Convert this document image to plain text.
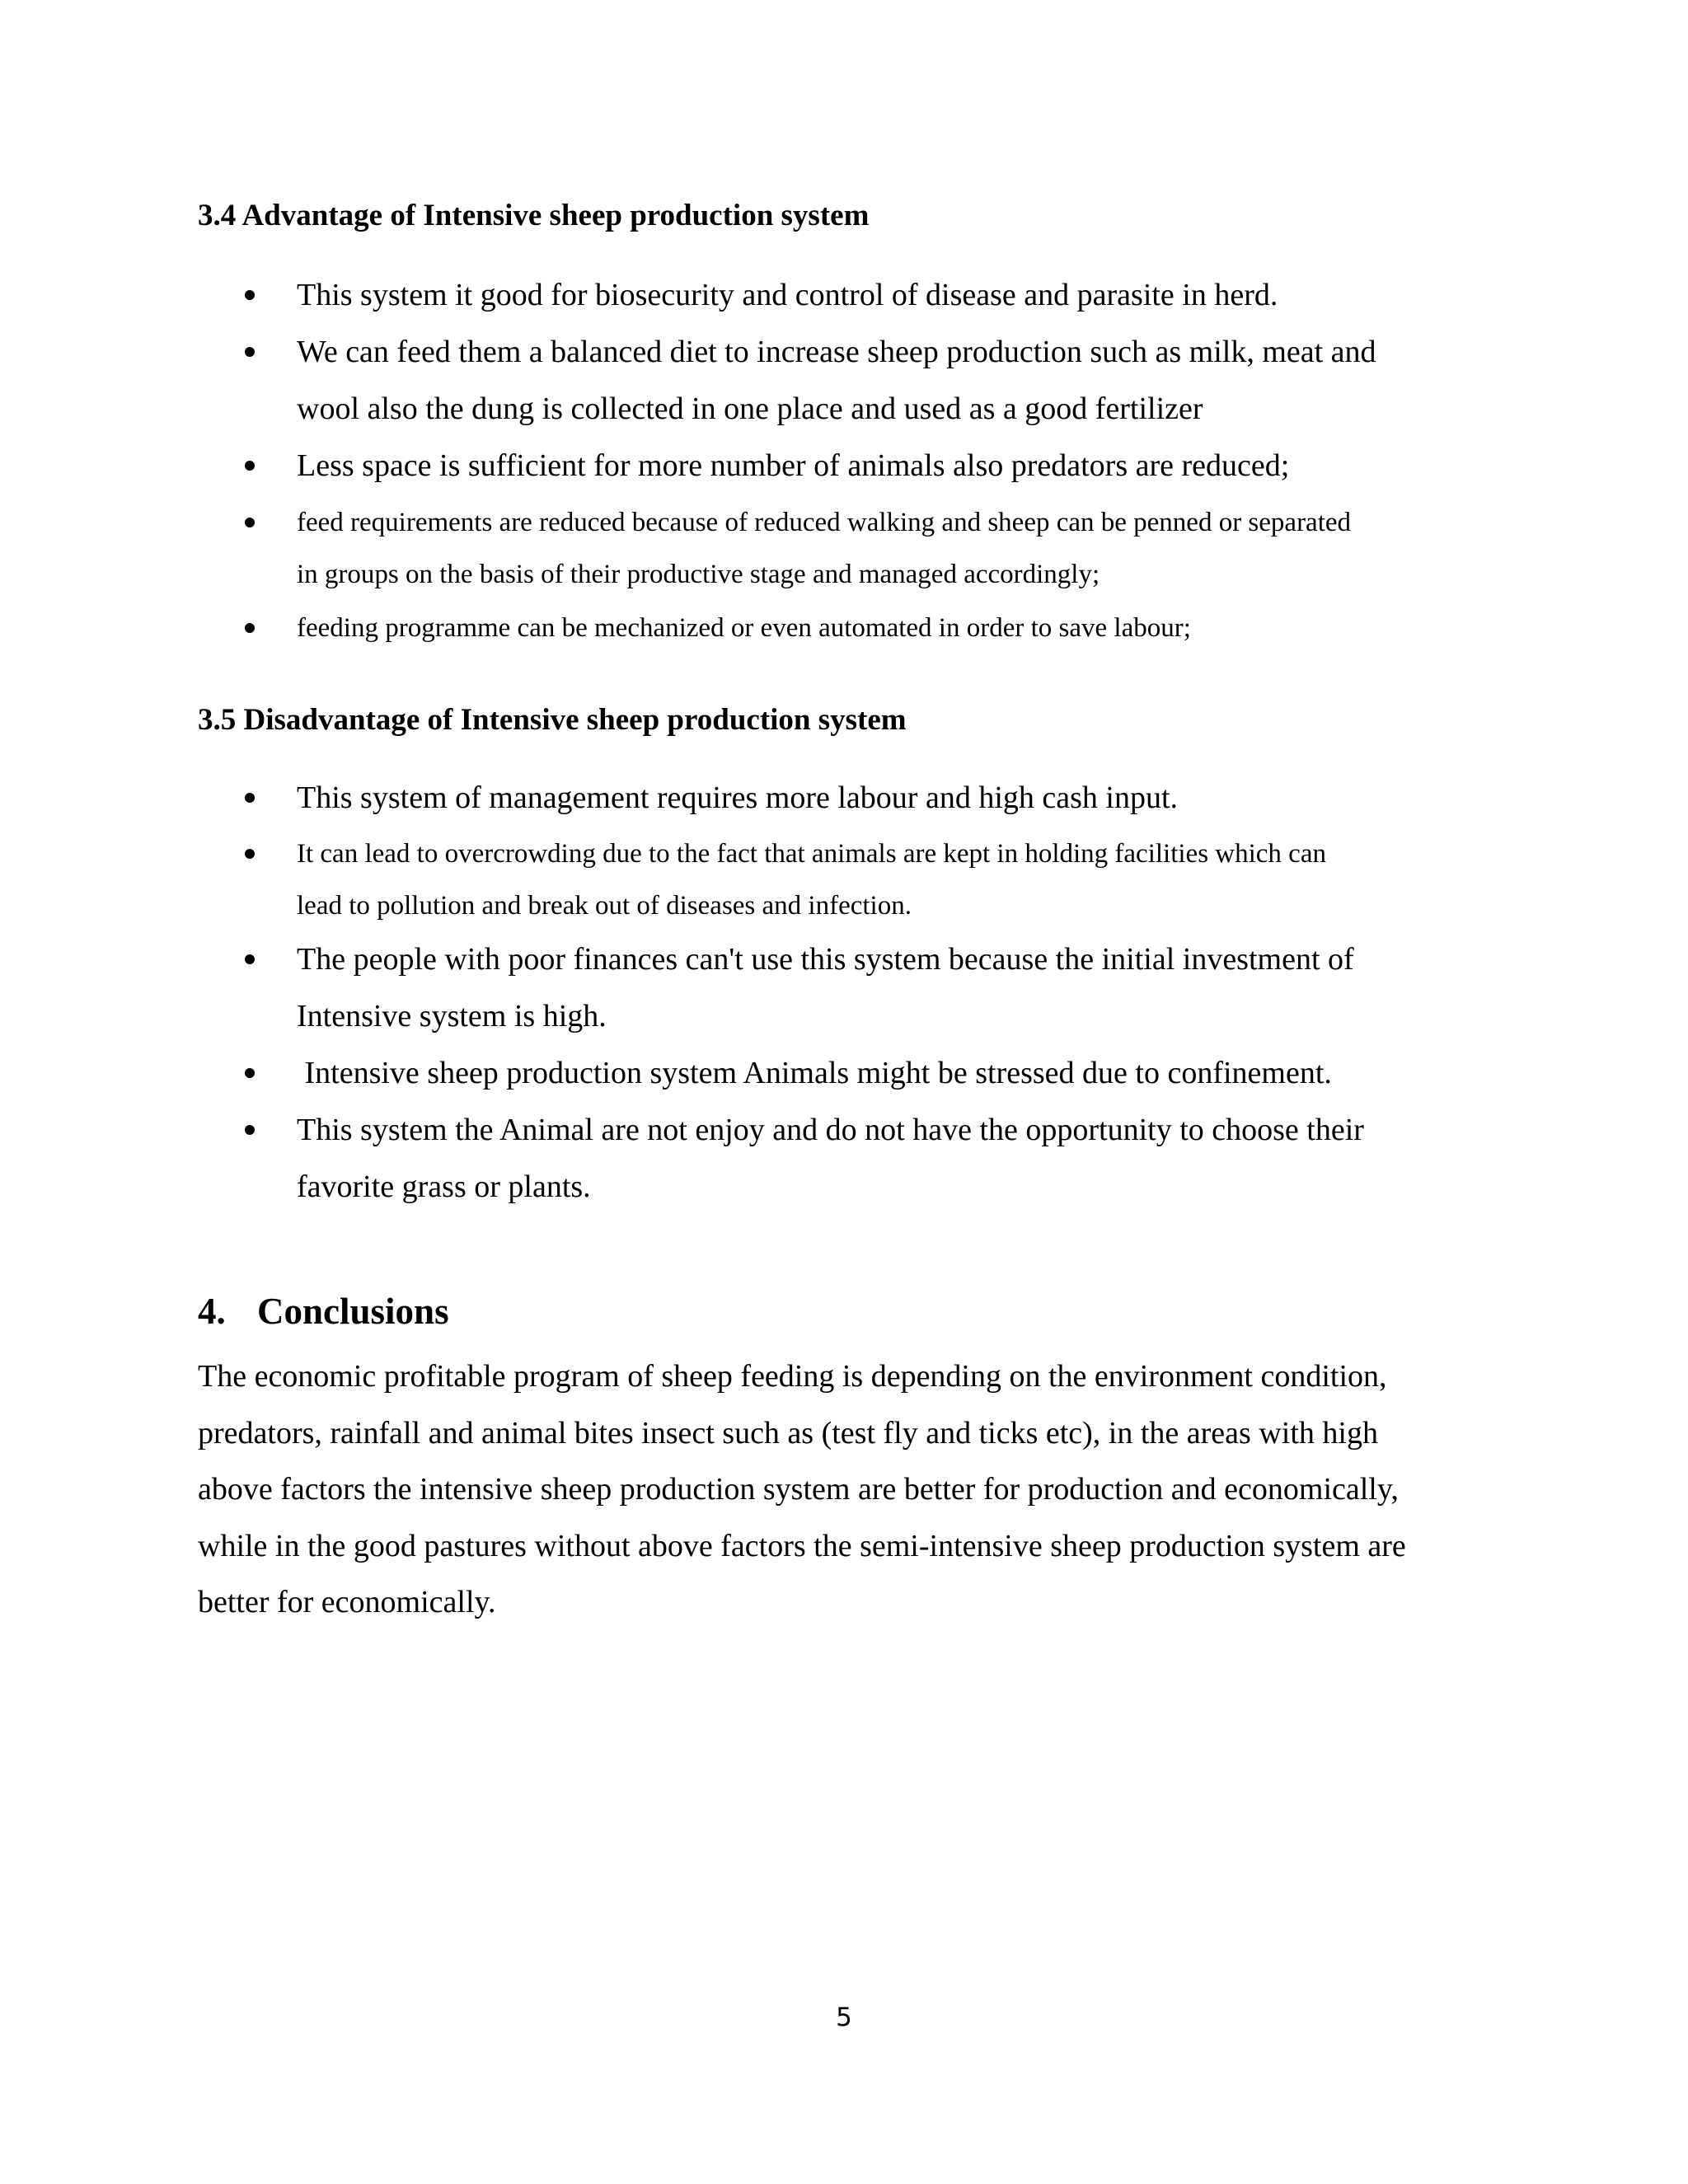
3.4 Advantage of Intensive sheep production system

This system it good for biosecurity and control of disease and parasite in herd.

We can feed them a balanced diet to increase sheep production such as milk, meat and

wool also the dung is collected in one place and used as a good fertilizer

Less space is sufficient for more number of animals also predators are reduced;

feed requirements are reduced because of reduced walking and sheep can be penned or separated

in groups on the basis of their productive stage and managed accordingly;

feeding programme can be mechanized or even automated in order to save labour;

3.5 Disadvantage of Intensive sheep production system

This system of management requires more labour and high cash input.

It can lead to overcrowding due to the fact that animals are kept in holding facilities which can

lead to pollution and break out of diseases and infection.

The people with poor finances can't use this system because the initial investment of

Intensive system is high.

Intensive sheep production system Animals might be stressed due to confinement.

This system the Animal are not enjoy and do not have the opportunity to choose their

favorite grass or plants.

4. Conclusions

The economic profitable program of sheep feeding is depending on the environment condition,
predators, rainfall and animal bites insect such as (test fly and ticks etc), in the areas with high
above factors the intensive sheep production system are better for production and economically,
while in the good pastures without above factors the semi-intensive sheep production system are
better for economically.

5
